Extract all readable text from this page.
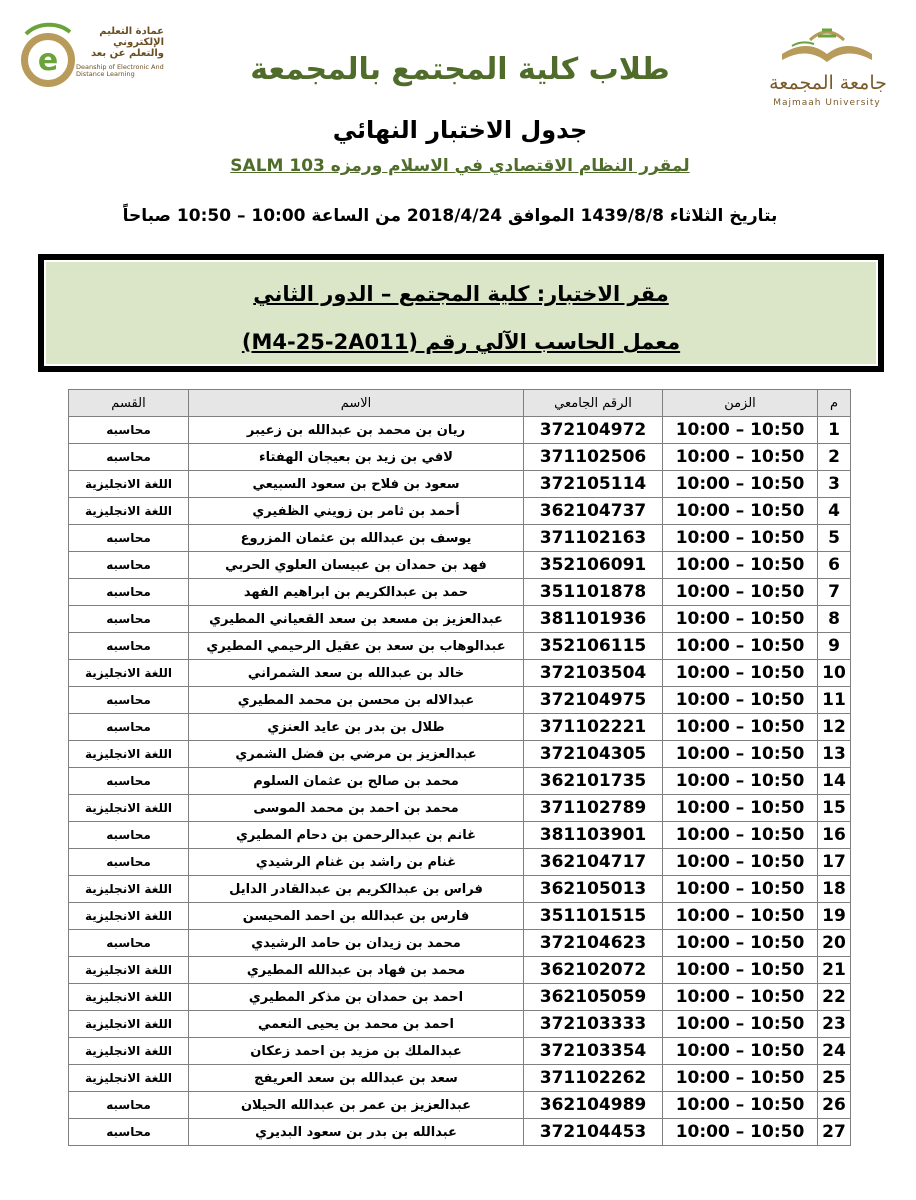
e
عمادة التعليم الإلكتروني والتعلم عن بعد
Deanship of Electronic And Distance Learning	جامعة المجمعة
Majmaah University
طلاب كلية المجتمع بالمجمعة
جدول الاختبار النهائي
لمقرر النظام الاقتصادي في الاسلام ورمزه SALM 103
بتاريخ الثلاثاء 1439/8/8 الموافق 2018/4/24 من الساعة 10:00 – 10:50 صباحاً
مقر الاختبار: كلية المجتمع – الدور الثاني
معمل الحاسب الآلي رقم (M4-25-2A011)
م	الزمن	الرقم الجامعي	الاسم	القسم
1	10:00 – 10:50	372104972	ريان بن محمد بن عبدالله بن زعيبر	محاسبه
2	10:00 – 10:50	371102506	لافي بن زيد بن بعيجان الهفتاء	محاسبه
3	10:00 – 10:50	372105114	سعود بن فلاح بن سعود السبيعي	اللغة الانجليزية
4	10:00 – 10:50	362104737	أحمد بن ثامر بن زويني الظفيري	اللغة الانجليزية
5	10:00 – 10:50	371102163	يوسف بن عبدالله بن عثمان المزروع	محاسبه
6	10:00 – 10:50	352106091	فهد بن حمدان بن عبيسان العلوي الحربي	محاسبه
7	10:00 – 10:50	351101878	حمد بن عبدالكريم بن ابراهيم الفهد	محاسبه
8	10:00 – 10:50	381101936	عبدالعزيز بن مسعد بن سعد القعياني المطيري	محاسبه
9	10:00 – 10:50	352106115	عبدالوهاب بن سعد بن عقيل الرحيمي المطيري	محاسبه
10	10:00 – 10:50	372103504	خالد بن عبدالله بن سعد الشمراني	اللغة الانجليزية
11	10:00 – 10:50	372104975	عبدالاله بن محسن بن محمد المطيري	محاسبه
12	10:00 – 10:50	371102221	طلال بن بدر بن عايد العنزي	محاسبه
13	10:00 – 10:50	372104305	عبدالعزيز بن مرضي بن فضل الشمري	اللغة الانجليزية
14	10:00 – 10:50	362101735	محمد بن صالح بن عثمان السلوم	محاسبه
15	10:00 – 10:50	371102789	محمد بن احمد بن محمد الموسى	اللغة الانجليزية
16	10:00 – 10:50	381103901	غانم بن عبدالرحمن بن دحام المطيري	محاسبه
17	10:00 – 10:50	362104717	غنام بن راشد بن غنام الرشيدي	محاسبه
18	10:00 – 10:50	362105013	فراس بن عبدالكريم بن عبدالقادر الدايل	اللغة الانجليزية
19	10:00 – 10:50	351101515	فارس بن عبدالله بن احمد المحيسن	اللغة الانجليزية
20	10:00 – 10:50	372104623	محمد بن زيدان بن حامد الرشيدي	محاسبه
21	10:00 – 10:50	362102072	محمد بن فهاد بن عبدالله المطيري	اللغة الانجليزية
22	10:00 – 10:50	362105059	احمد بن حمدان بن مذكر المطيري	اللغة الانجليزية
23	10:00 – 10:50	372103333	احمد بن محمد بن يحيى النعمي	اللغة الانجليزية
24	10:00 – 10:50	372103354	عبدالملك بن مزيد بن احمد زعكان	اللغة الانجليزية
25	10:00 – 10:50	371102262	سعد بن عبدالله بن سعد العريفج	اللغة الانجليزية
26	10:00 – 10:50	362104989	عبدالعزيز بن عمر بن عبدالله الحيلان	محاسبه
27	10:00 – 10:50	372104453	عبدالله بن بدر بن سعود البديري	محاسبه
